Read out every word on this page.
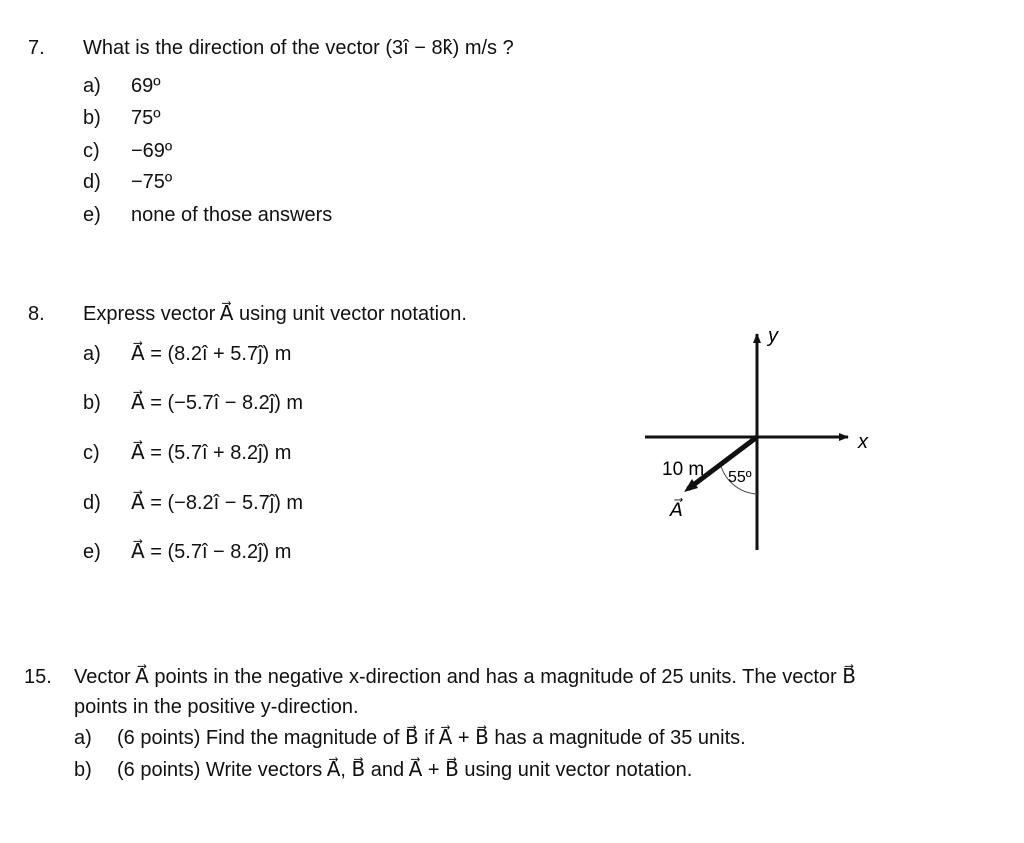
7. What is the direction of the vector (3î − 8k̂) m/s ?
a) 69º
b) 75º
c) −69º
d) −75º
e) none of those answers
8. Express vector A⃗ using unit vector notation.
a) A⃗ = (8.2î + 5.7ĵ) m
b) A⃗ = (−5.7î − 8.2ĵ) m
c) A⃗ = (5.7î + 8.2ĵ) m
d) A⃗ = (−8.2î − 5.7ĵ) m
e) A⃗ = (5.7î − 8.2ĵ) m
y
x
10 m 55º
A⃗
15. Vector A⃗ points in the negative x-direction and has a magnitude of 25 units. The vector B⃗
points in the positive y-direction.
a) (6 points) Find the magnitude of B⃗ if A⃗ + B⃗ has a magnitude of 35 units.
b) (6 points) Write vectors A⃗, B⃗ and A⃗ + B⃗ using unit vector notation.
